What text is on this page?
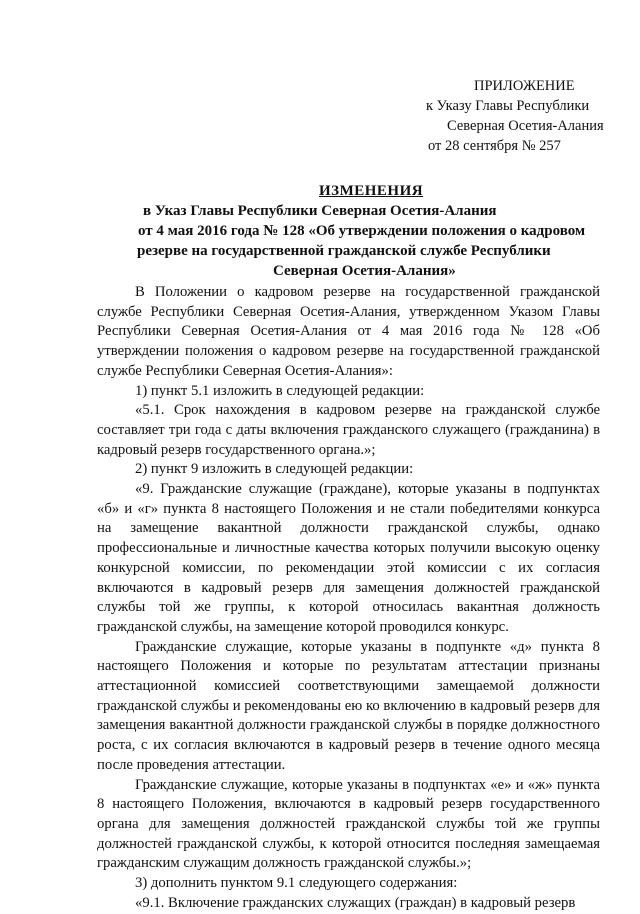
ПРИЛОЖЕНИЕ
к Указу Главы Республики
Северная Осетия-Алания
от 28 сентября № 257
ИЗМЕНЕНИЯ
в Указ Главы Республики Северная Осетия-Алания
от 4 мая 2016 года № 128 «Об утверждении положения о кадровом
резерве на государственной гражданской службе Республики
Северная Осетия-Алания»

В Положении о кадровом резерве на государственной гражданской службе Республики Северная Осетия-Алания, утвержденном Указом Главы Республики Северная Осетия-Алания от 4 мая 2016 года № 128 «Об утверждении положения о кадровом резерве на государственной гражданской службе Республики Северная Осетия-Алания»:

1) пункт 5.1 изложить в следующей редакции:

«5.1. Срок нахождения в кадровом резерве на гражданской службе составляет три года с даты включения гражданского служащего (гражданина) в кадровый резерв государственного органа.»;

2) пункт 9 изложить в следующей редакции:

«9. Гражданские служащие (граждане), которые указаны в подпунктах «б» и «г» пункта 8 настоящего Положения и не стали победителями конкурса на замещение вакантной должности гражданской службы, однако профессиональные и личностные качества которых получили высокую оценку конкурсной комиссии, по рекомендации этой комиссии с их согласия включаются в кадровый резерв для замещения должностей гражданской службы той же группы, к которой относилась вакантная должность гражданской службы, на замещение которой проводился конкурс.

Гражданские служащие, которые указаны в подпункте «д» пункта 8 настоящего Положения и которые по результатам аттестации признаны аттестационной комиссией соответствующими замещаемой должности гражданской службы и рекомендованы ею ко включению в кадровый резерв для замещения вакантной должности гражданской службы в порядке должностного роста, с их согласия включаются в кадровый резерв в течение одного месяца после проведения аттестации.

Гражданские служащие, которые указаны в подпунктах «е» и «ж» пункта 8 настоящего Положения, включаются в кадровый резерв государственного органа для замещения должностей гражданской службы той же группы должностей гражданской службы, к которой относится последняя замещаемая гражданским служащим должность гражданской службы.»;

3) дополнить пунктом 9.1 следующего содержания:

«9.1. Включение гражданских служащих (граждан) в кадровый резерв
